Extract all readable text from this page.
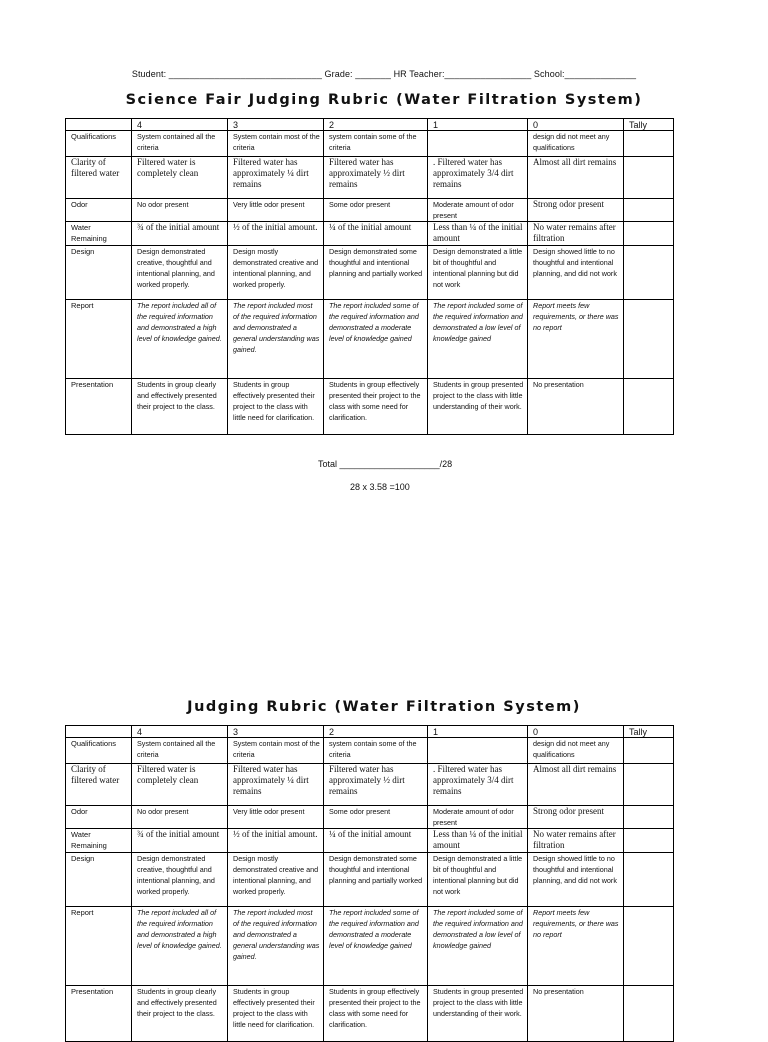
Student: ______________________________ Grade: _______ HR Teacher:_________________ School:______________
Science Fair Judging Rubric (Water Filtration System)
	4	3	2	1	0	Tally
Qualifications	System contained all the criteria	System contain most of the criteria	system contain some of the criteria		design did not meet any qualifications	
Clarity of filtered water	Filtered water is completely clean	Filtered water has approximately ¼ dirt remains	Filtered water has approximately ½ dirt remains	. Filtered water has approximately 3/4 dirt remains	Almost all dirt remains	
Odor	No odor present	Very little odor present	Some odor present	Moderate amount of odor present	Strong odor present	
Water Remaining	¾ of the initial amount	½ of the initial amount.	¼ of the initial amount	Less than ¼ of the initial amount	No water remains after filtration	
Design	Design demonstrated creative, thoughtful and intentional planning, and worked properly.	Design mostly demonstrated creative and intentional planning, and worked properly.	Design demonstrated some thoughtful and intentional planning and partially worked	Design demonstrated a little bit of thoughtful and intentional planning but did not work	Design showed little to no thoughtful and intentional planning, and did not work	
Report	The report included all of the required information and demonstrated a high level of knowledge gained.	The report included most of the required information and demonstrated a general understanding was gained.	The report included some of the required information and demonstrated a moderate level of knowledge gained	The report included some of the required information and demonstrated a low level of knowledge gained	Report meets few requirements, or there was no report	
Presentation	Students in group clearly and effectively presented their project to the class.	Students in group effectively presented their project to the class with little need for clarification.	Students in group effectively presented their project to the class with some need for clarification.	Students in group presented project to the class with little understanding of their work.	No presentation	
Total ____________________/28
28 x 3.58 =100
Judging Rubric (Water Filtration System)
	4	3	2	1	0	Tally
Qualifications	System contained all the criteria	System contain most of the criteria	system contain some of the criteria		design did not meet any qualifications	
Clarity of filtered water	Filtered water is completely clean	Filtered water has approximately ¼ dirt remains	Filtered water has approximately ½ dirt remains	. Filtered water has approximately 3/4 dirt remains	Almost all dirt remains	
Odor	No odor present	Very little odor present	Some odor present	Moderate amount of odor present	Strong odor present	
Water Remaining	¾ of the initial amount	½ of the initial amount.	¼ of the initial amount	Less than ¼ of the initial amount	No water remains after filtration	
Design	Design demonstrated creative, thoughtful and intentional planning, and worked properly.	Design mostly demonstrated creative and intentional planning, and worked properly.	Design demonstrated some thoughtful and intentional planning and partially worked	Design demonstrated a little bit of thoughtful and intentional planning but did not work	Design showed little to no thoughtful and intentional planning, and did not work	
Report	The report included all of the required information and demonstrated a high level of knowledge gained.	The report included most of the required information and demonstrated a general understanding was gained.	The report included some of the required information and demonstrated a moderate level of knowledge gained	The report included some of the required information and demonstrated a low level of knowledge gained	Report meets few requirements, or there was no report	
Presentation	Students in group clearly and effectively presented their project to the class.	Students in group effectively presented their project to the class with little need for clarification.	Students in group effectively presented their project to the class with some need for clarification.	Students in group presented project to the class with little understanding of their work.	No presentation	
